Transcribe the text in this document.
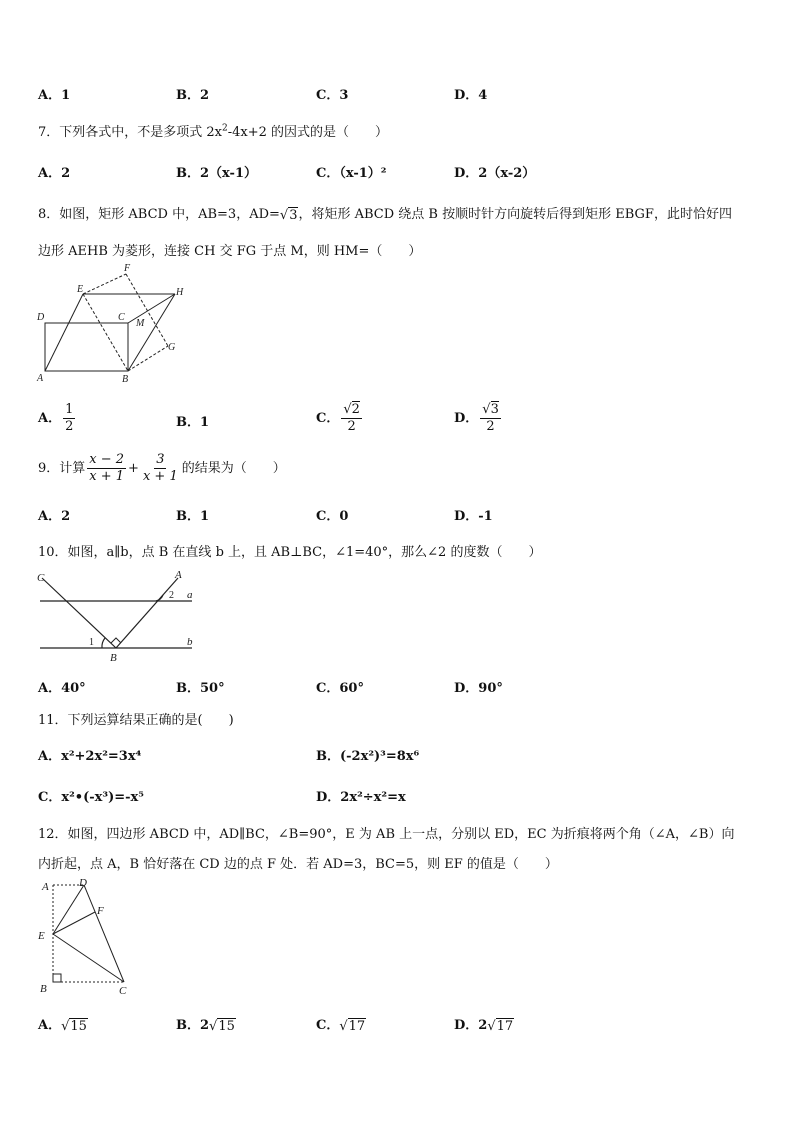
A．1	B．2	C．3	D．4
7．下列各式中，不是多项式 $2x^2-4x+2$ 的因式的是（　　）
A．2	B．2（x-1）	C．（x-1）²	D．2（x-2）
8．如图，矩形 ABCD 中，AB=3，AD=√3，将矩形 ABCD 绕点 B 按顺时针方向旋转后得到矩形 EBGF，此时恰好四
边形 AEHB 为菱形，连接 CH 交 FG 于点 M，则 HM=（　　）
F
E	H
D	C
M
G
A	B
A． $\frac{1}{2}$	B．1	C． $\frac{√2}{2}$	D． $\frac{√3}{2}$
9．计算 $\frac{x - 2}{x + 1} + \frac{3}{x + 1}$ 的结果为（　　）
A．2	B．1	C．0	D．-1
10．如图，a∥b，点 B 在直线 b 上，且 AB⊥BC，∠1=40°，那么∠2 的度数（　　）
C	A
2 a
1	b
B
A．40°	B．50°	C．60°	D．90°
11．下列运算结果正确的是(　　)
A．x²+2x²=3x⁴	B．(-2x²)³=8x⁶
C．x²•(-x³)=-x⁵	D．2x²÷x²=x
12．如图，四边形 ABCD 中，AD∥BC，∠B=90°，E 为 AB 上一点，分别以 ED，EC 为折痕将两个角（∠A，∠B）向
内折起，点 A，B 恰好落在 CD 边的点 F 处．若 AD=3，BC=5，则 EF 的值是（　　）
A	D
F
E
B	C
A．√15	B．2√15	C．√17	D．2√17
